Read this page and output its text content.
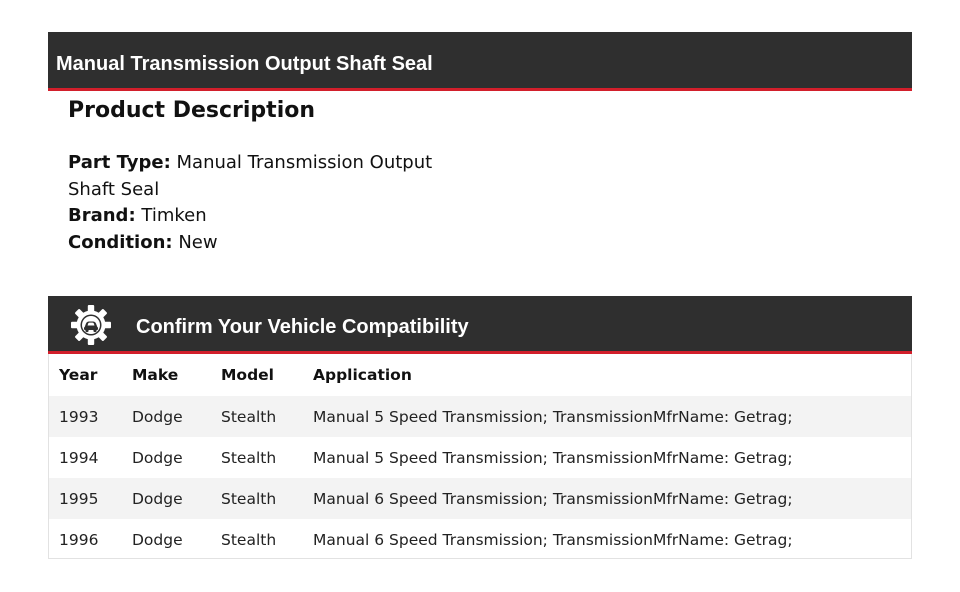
Manual Transmission Output Shaft Seal
Product Description
Part Type: Manual Transmission Output Shaft Seal
Brand: Timken
Condition: New
Confirm Your Vehicle Compatibility
Year Make	Model	Application
1993 Dodge Stealth Manual 5 Speed Transmission; TransmissionMfrName: Getrag;
1994 Dodge Stealth Manual 5 Speed Transmission; TransmissionMfrName: Getrag;
1995 Dodge Stealth Manual 6 Speed Transmission; TransmissionMfrName: Getrag;
1996 Dodge Stealth Manual 6 Speed Transmission; TransmissionMfrName: Getrag;
